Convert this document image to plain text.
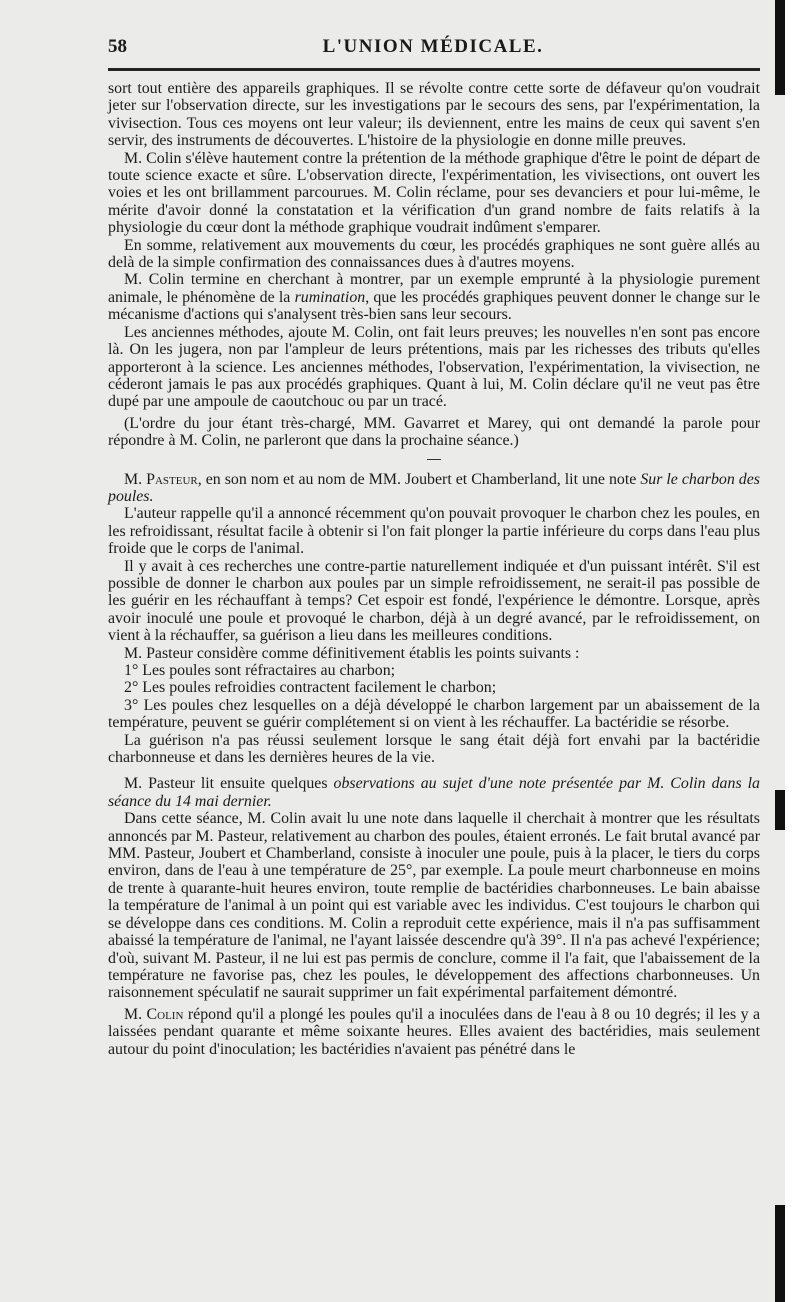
58	L'UNION MÉDICALE.

sort tout entière des appareils graphiques. Il se révolte contre cette sorte de défaveur qu'on voudrait jeter sur l'observation directe, sur les investigations par le secours des sens, par l'expérimentation, la vivisection. Tous ces moyens ont leur valeur; ils deviennent, entre les mains de ceux qui savent s'en servir, des instruments de découvertes. L'histoire de la physiologie en donne mille preuves.

M. Colin s'élève hautement contre la prétention de la méthode graphique d'être le point de départ de toute science exacte et sûre. L'observation directe, l'expérimentation, les vivisections, ont ouvert les voies et les ont brillamment parcourues. M. Colin réclame, pour ses devanciers et pour lui-même, le mérite d'avoir donné la constatation et la vérification d'un grand nombre de faits relatifs à la physiologie du cœur dont la méthode graphique voudrait indûment s'emparer.

En somme, relativement aux mouvements du cœur, les procédés graphiques ne sont guère allés au delà de la simple confirmation des connaissances dues à d'autres moyens.

M. Colin termine en cherchant à montrer, par un exemple emprunté à la physiologie purement animale, le phénomène de la rumination, que les procédés graphiques peuvent donner le change sur le mécanisme d'actions qui s'analysent très-bien sans leur secours.

Les anciennes méthodes, ajoute M. Colin, ont fait leurs preuves; les nouvelles n'en sont pas encore là. On les jugera, non par l'ampleur de leurs prétentions, mais par les richesses des tributs qu'elles apporteront à la science. Les anciennes méthodes, l'observation, l'expérimentation, la vivisection, ne céderont jamais le pas aux procédés graphiques. Quant à lui, M. Colin déclare qu'il ne veut pas être dupé par une ampoule de caoutchouc ou par un tracé.

(L'ordre du jour étant très-chargé, MM. Gavarret et Marey, qui ont demandé la parole pour répondre à M. Colin, ne parleront que dans la prochaine séance.)

M. Pasteur, en son nom et au nom de MM. Joubert et Chamberland, lit une note Sur le charbon des poules.

L'auteur rappelle qu'il a annoncé récemment qu'on pouvait provoquer le charbon chez les poules, en les refroidissant, résultat facile à obtenir si l'on fait plonger la partie inférieure du corps dans l'eau plus froide que le corps de l'animal.

Il y avait à ces recherches une contre-partie naturellement indiquée et d'un puissant intérêt. S'il est possible de donner le charbon aux poules par un simple refroidissement, ne serait-il pas possible de les guérir en les réchauffant à temps? Cet espoir est fondé, l'expérience le démontre. Lorsque, après avoir inoculé une poule et provoqué le charbon, déjà à un degré avancé, par le refroidissement, on vient à la réchauffer, sa guérison a lieu dans les meilleures conditions.

M. Pasteur considère comme définitivement établis les points suivants :

1° Les poules sont réfractaires au charbon;

2° Les poules refroidies contractent facilement le charbon;

3° Les poules chez lesquelles on a déjà développé le charbon largement par un abaissement de la température, peuvent se guérir complétement si on vient à les réchauffer. La bactéridie se résorbe.

La guérison n'a pas réussi seulement lorsque le sang était déjà fort envahi par la bactéridie charbonneuse et dans les dernières heures de la vie.

M. Pasteur lit ensuite quelques observations au sujet d'une note présentée par M. Colin dans la séance du 14 mai dernier.

Dans cette séance, M. Colin avait lu une note dans laquelle il cherchait à montrer que les résultats annoncés par M. Pasteur, relativement au charbon des poules, étaient erronés. Le fait brutal avancé par MM. Pasteur, Joubert et Chamberland, consiste à inoculer une poule, puis à la placer, le tiers du corps environ, dans de l'eau à une température de 25°, par exemple. La poule meurt charbonneuse en moins de trente à quarante-huit heures environ, toute remplie de bactéridies charbonneuses. Le bain abaisse la température de l'animal à un point qui est variable avec les individus. C'est toujours le charbon qui se développe dans ces conditions. M. Colin a reproduit cette expérience, mais il n'a pas suffisamment abaissé la température de l'animal, ne l'ayant laissée descendre qu'à 39°. Il n'a pas achevé l'expérience; d'où, suivant M. Pasteur, il ne lui est pas permis de conclure, comme il l'a fait, que l'abaissement de la température ne favorise pas, chez les poules, le développement des affections charbonneuses. Un raisonnement spéculatif ne saurait supprimer un fait expérimental parfaitement démontré.

M. Colin répond qu'il a plongé les poules qu'il a inoculées dans de l'eau à 8 ou 10 degrés; il les y a laissées pendant quarante et même soixante heures. Elles avaient des bactéridies, mais seulement autour du point d'inoculation; les bactéridies n'avaient pas pénétré dans le
